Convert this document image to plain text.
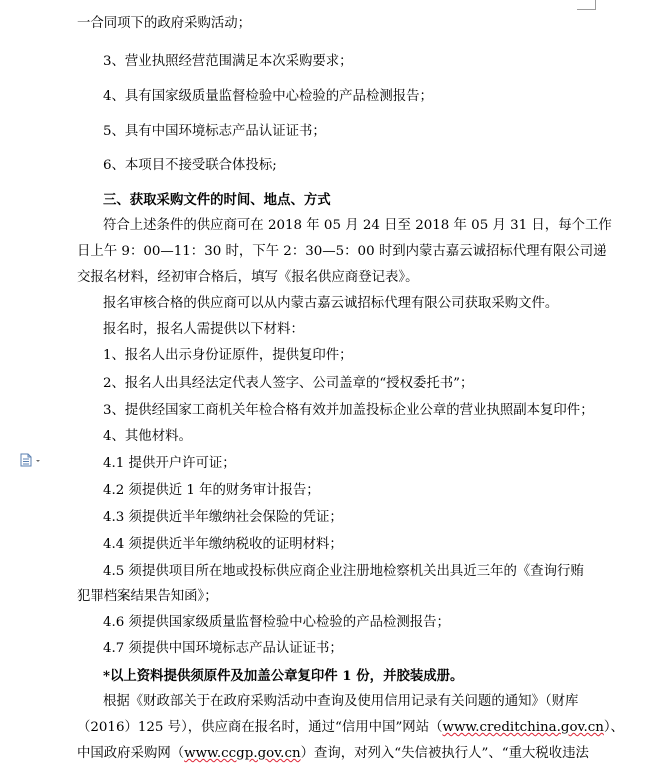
一合同项下的政府采购活动；
3、营业执照经营范围满足本次采购要求；
4、具有国家级质量监督检验中心检验的产品检测报告；
5、具有中国环境标志产品认证证书；
6、本项目不接受联合体投标;
三、获取采购文件的时间、地点、方式
符合上述条件的供应商可在 2018 年 05 月 24 日至 2018 年 05 月 31 日，每个工作
日上午 9：00—11：30 时，下午 2：30—5：00 时到内蒙古嘉云诚招标代理有限公司递
交报名材料，经初审合格后，填写《报名供应商登记表》。
报名审核合格的供应商可以从内蒙古嘉云诚招标代理有限公司获取采购文件。
报名时，报名人需提供以下材料：
1、报名人出示身份证原件，提供复印件；
2、报名人出具经法定代表人签字、公司盖章的“授权委托书”；
3、提供经国家工商机关年检合格有效并加盖投标企业公章的营业执照副本复印件；
4、其他材料。
4.1 提供开户许可证；
4.2 须提供近 1 年的财务审计报告；
4.3 须提供近半年缴纳社会保险的凭证；
4.4 须提供近半年缴纳税收的证明材料；
4.5 须提供项目所在地或投标供应商企业注册地检察机关出具近三年的《查询行贿
犯罪档案结果告知函》；
4.6 须提供国家级质量监督检验中心检验的产品检测报告；
4.7 须提供中国环境标志产品认证证书；
*以上资料提供须原件及加盖公章复印件 1 份，并胶装成册。
根据《财政部关于在政府采购活动中查询及使用信用记录有关问题的通知》（财库
（2016）125 号），供应商在报名时，通过“信用中国”网站（www.creditchina.gov.cn）、
中国政府采购网（www.ccgp.gov.cn）查询，对列入“失信被执行人”、“重大税收违法
